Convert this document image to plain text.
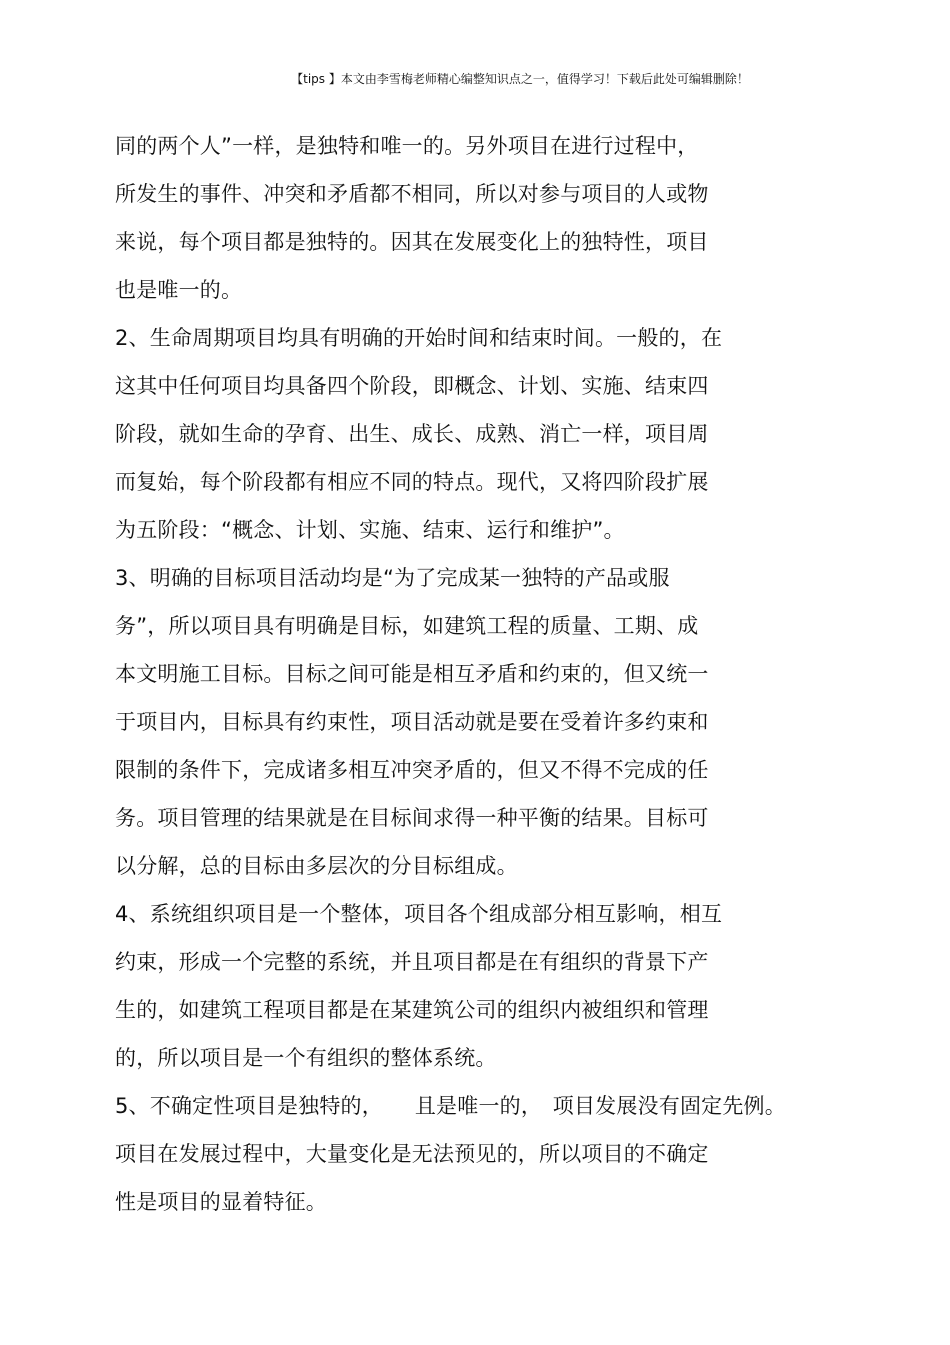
【tips 】本文由李雪梅老师精心编整知识点之一，值得学习！下载后此处可编辑删除！
同的两个人”一样，是独特和唯一的。另外项目在进行过程中，
所发生的事件、冲突和矛盾都不相同，所以对参与项目的人或物
来说，每个项目都是独特的。因其在发展变化上的独特性，项目
也是唯一的。
2、生命周期项目均具有明确的开始时间和结束时间。一般的，在
这其中任何项目均具备四个阶段，即概念、计划、实施、结束四
阶段，就如生命的孕育、出生、成长、成熟、消亡一样，项目周
而复始，每个阶段都有相应不同的特点。现代，又将四阶段扩展
为五阶段：“概念、计划、实施、结束、运行和维护”。
3、明确的目标项目活动均是“为了完成某一独特的产品或服
务”，所以项目具有明确是目标，如建筑工程的质量、工期、成
本文明施工目标。目标之间可能是相互矛盾和约束的，但又统一
于项目内，目标具有约束性，项目活动就是要在受着许多约束和
限制的条件下，完成诸多相互冲突矛盾的，但又不得不完成的任
务。项目管理的结果就是在目标间求得一种平衡的结果。目标可
以分解，总的目标由多层次的分目标组成。
4、系统组织项目是一个整体，项目各个组成部分相互影响，相互
约束，形成一个完整的系统，并且项目都是在有组织的背景下产
生的，如建筑工程项目都是在某建筑公司的组织内被组织和管理
的，所以项目是一个有组织的整体系统。
5、不确定性项目是独特的，　　且是唯一的，　项目发展没有固定先例。
项目在发展过程中，大量变化是无法预见的，所以项目的不确定
性是项目的显着特征。
